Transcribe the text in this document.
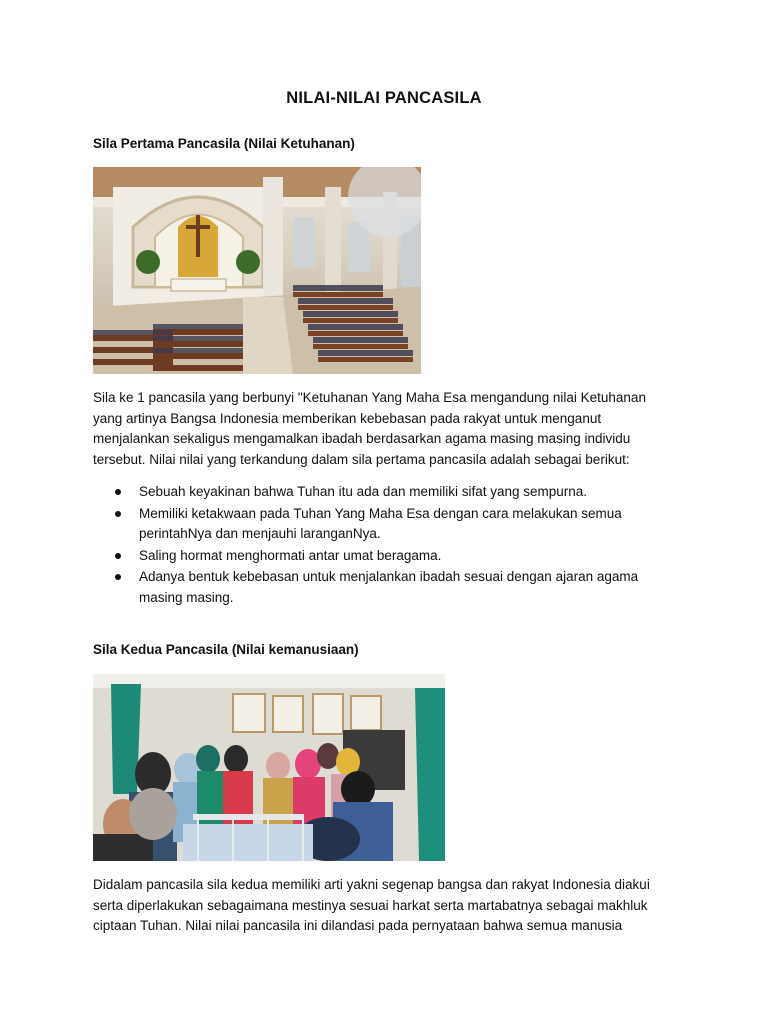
NILAI-NILAI PANCASILA
Sila Pertama Pancasila (Nilai Ketuhanan)

Sila ke 1 pancasila yang berbunyi "Ketuhanan Yang Maha Esa mengandung nilai Ketuhanan
yang artinya Bangsa Indonesia memberikan kebebasan pada rakyat untuk menganut
menjalankan sekaligus mengamalkan ibadah berdasarkan agama masing masing individu
tersebut. Nilai nilai yang terkandung dalam sila pertama pancasila adalah sebagai berikut:

Sebuah keyakinan bahwa Tuhan itu ada dan memiliki sifat yang sempurna.
Memiliki ketakwaan pada Tuhan Yang Maha Esa dengan cara melakukan semua
perintahNya dan menjauhi laranganNya.
Saling hormat menghormati antar umat beragama.
Adanya bentuk kebebasan untuk menjalankan ibadah sesuai dengan ajaran agama
masing masing.
Sila Kedua Pancasila (Nilai kemanusiaan)

Didalam pancasila sila kedua memiliki arti yakni segenap bangsa dan rakyat Indonesia diakui
serta diperlakukan sebagaimana mestinya sesuai harkat serta martabatnya sebagai makhluk
ciptaan Tuhan. Nilai nilai pancasila ini dilandasi pada pernyataan bahwa semua manusia
